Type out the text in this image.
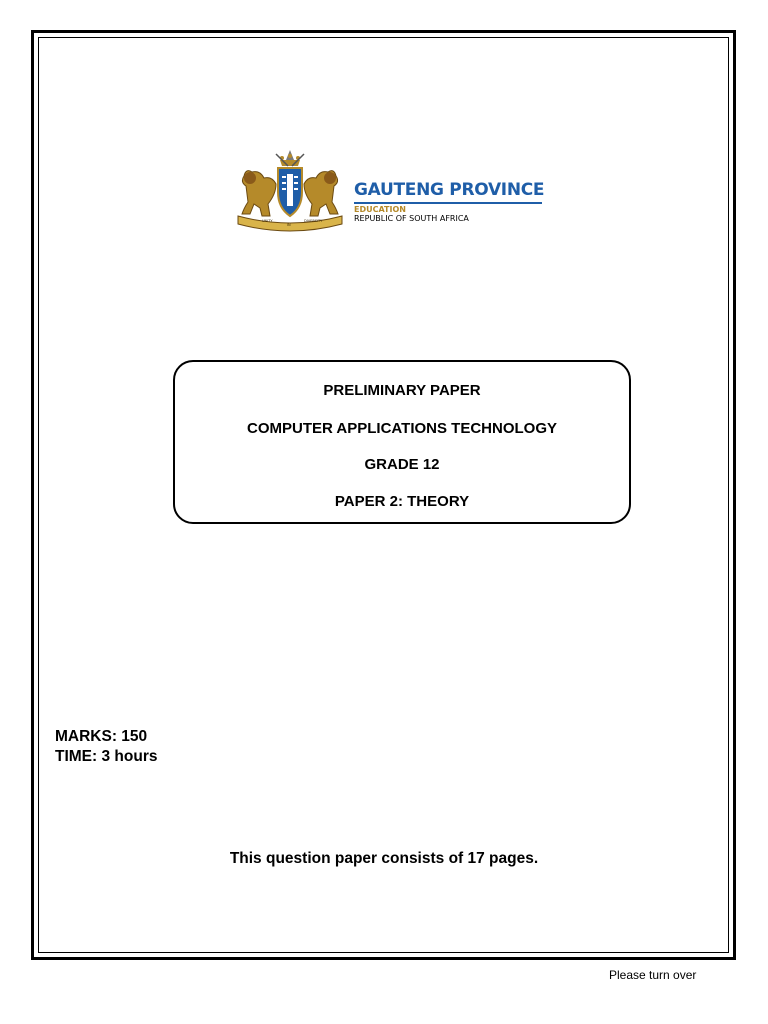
UNITY
IN
DIVERSITY
GAUTENG PROVINCE
EDUCATION
REPUBLIC OF SOUTH AFRICA
PRELIMINARY PAPER
COMPUTER APPLICATIONS TECHNOLOGY
GRADE 12
PAPER 2: THEORY
MARKS: 150
TIME: 3 hours
This question paper consists of 17 pages.
Please turn over
